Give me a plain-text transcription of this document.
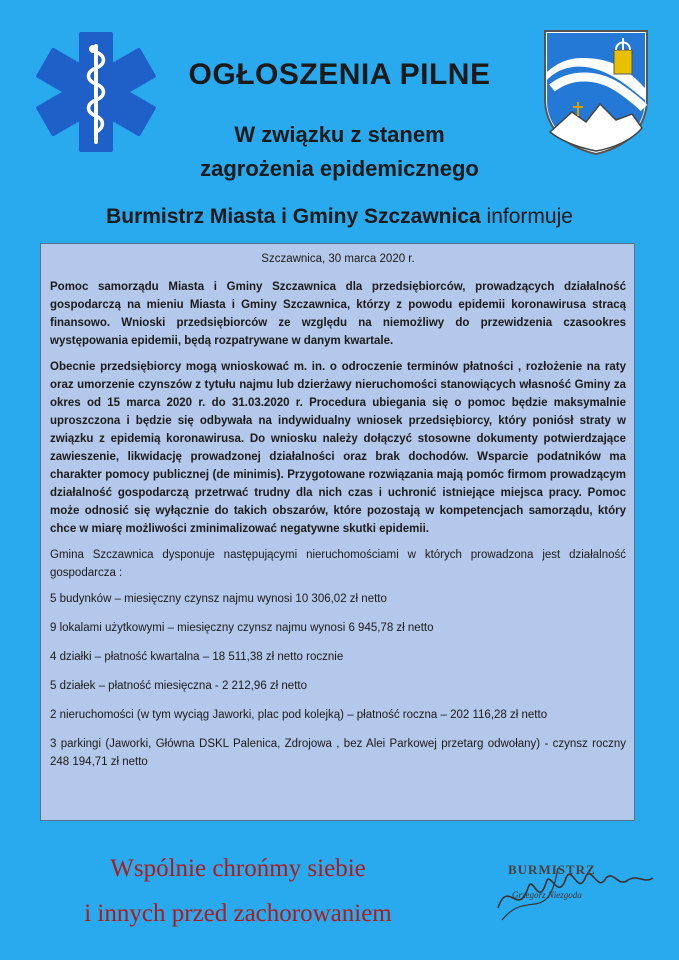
OGŁOSZENIA PILNE
W związku z stanem
zagrożenia epidemicznego
Burmistrz Miasta i Gminy Szczawnica informuje
Szczawnica, 30 marca 2020 r.

Pomoc samorządu Miasta i Gminy Szczawnica dla przedsiębiorców, prowadzących działalność gospodarczą na mieniu Miasta i Gminy Szczawnica, którzy z powodu epidemii koronawirusa stracą finansowo. Wnioski przedsiębiorców ze względu na niemożliwy do przewidzenia czasookres występowania epidemii, będą rozpatrywane w danym kwartale.

Obecnie przedsiębiorcy mogą wnioskować m. in. o odroczenie terminów płatności , rozłożenie na raty oraz umorzenie czynszów z tytułu najmu lub dzierżawy nieruchomości stanowiących własność Gminy za okres od 15 marca 2020 r. do 31.03.2020 r. Procedura ubiegania się o pomoc będzie maksymalnie uproszczona i będzie się odbywała na indywidualny wniosek przedsiębiorcy, który poniósł straty w związku z epidemią koronawirusa. Do wniosku należy dołączyć stosowne dokumenty potwierdzające zawieszenie, likwidację prowadzonej działalności oraz brak dochodów. Wsparcie podatników ma charakter pomocy publicznej (de minimis). Przygotowane rozwiązania mają pomóc firmom prowadzącym działalność gospodarczą przetrwać trudny dla nich czas i uchronić istniejące miejsca pracy. Pomoc może odnosić się wyłącznie do takich obszarów, które pozostają w kompetencjach samorządu, który chce w miarę możliwości zminimalizować negatywne skutki epidemii.

Gmina Szczawnica dysponuje następującymi nieruchomościami w których prowadzona jest działalność gospodarcza :

5 budynków – miesięczny czynsz najmu wynosi 10 306,02 zł netto

9 lokalami użytkowymi – miesięczny czynsz najmu wynosi 6 945,78 zł netto

4 działki – płatność kwartalna – 18 511,38 zł netto rocznie

5 działek – płatność miesięczna - 2 212,96 zł netto

2 nieruchomości (w tym wyciąg Jaworki, plac pod kolejką) – płatność roczna – 202 116,28 zł netto

3 parkingi (Jaworki, Główna DSKL Palenica, Zdrojowa , bez Alei Parkowej przetarg odwołany) - czynsz roczny 248 194,71 zł netto

Wspólnie chrońmy siebie
i innych przed zachorowaniem
BURMISTRZ
Grzegorz Niezgoda
